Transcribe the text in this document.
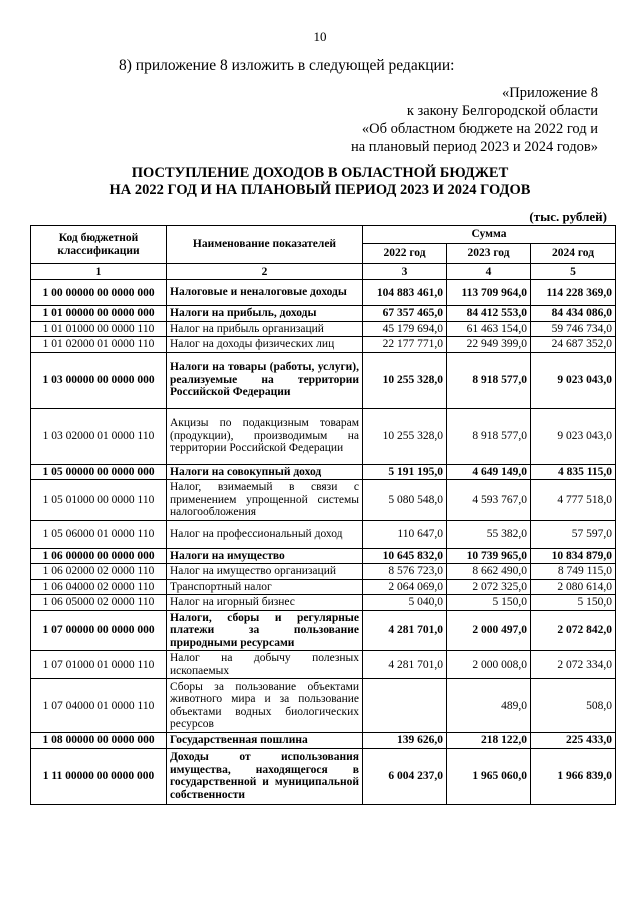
10
8) приложение 8 изложить в следующей редакции:
«Приложение 8
к закону Белгородской области
«Об областном бюджете на 2022 год и
на плановый период 2023 и 2024 годов»
ПОСТУПЛЕНИЕ ДОХОДОВ В ОБЛАСТНОЙ БЮДЖЕТ
НА 2022 ГОД И НА ПЛАНОВЫЙ ПЕРИОД 2023 И 2024 ГОДОВ
(тыс. рублей)
Код бюджетной классификации	Наименование показателей	Сумма		
		2022 год	2023 год	2024 год
1	2	3	4	5
1 00 00000 00 0000 000	Налоговые и неналоговые доходы	104 883 461,0	113 709 964,0	114 228 369,0
1 01 00000 00 0000 000	Налоги на прибыль, доходы	67 357 465,0	84 412 553,0	84 434 086,0
1 01 01000 00 0000 110	Налог на прибыль организаций	45 179 694,0	61 463 154,0	59 746 734,0
1 01 02000 01 0000 110	Налог на доходы физических лиц	22 177 771,0	22 949 399,0	24 687 352,0
1 03 00000 00 0000 000	Налоги на товары (работы, услуги), реализуемые на территории Российской Федерации	10 255 328,0	8 918 577,0	9 023 043,0
1 03 02000 01 0000 110	Акцизы по подакцизным товарам (продукции), производимым на территории Российской Федерации	10 255 328,0	8 918 577,0	9 023 043,0
1 05 00000 00 0000 000	Налоги на совокупный доход	5 191 195,0	4 649 149,0	4 835 115,0
1 05 01000 00 0000 110	Налог, взимаемый в связи с применением упрощенной системы налогообложения	5 080 548,0	4 593 767,0	4 777 518,0
1 05 06000 01 0000 110	Налог на профессиональный доход	110 647,0	55 382,0	57 597,0
1 06 00000 00 0000 000	Налоги на имущество	10 645 832,0	10 739 965,0	10 834 879,0
1 06 02000 02 0000 110	Налог на имущество организаций	8 576 723,0	8 662 490,0	8 749 115,0
1 06 04000 02 0000 110	Транспортный налог	2 064 069,0	2 072 325,0	2 080 614,0
1 06 05000 02 0000 110	Налог на игорный бизнес	5 040,0	5 150,0	5 150,0
1 07 00000 00 0000 000	Налоги, сборы и регулярные платежи за пользование природными ресурсами	4 281 701,0	2 000 497,0	2 072 842,0
1 07 01000 01 0000 110	Налог на добычу полезных ископаемых	4 281 701,0	2 000 008,0	2 072 334,0
1 07 04000 01 0000 110	Сборы за пользование объектами животного мира и за пользование объектами водных биологических ресурсов		489,0	508,0
1 08 00000 00 0000 000	Государственная пошлина	139 626,0	218 122,0	225 433,0
1 11 00000 00 0000 000	Доходы от использования имущества, находящегося в государственной и муниципальной собственности	6 004 237,0	1 965 060,0	1 966 839,0
